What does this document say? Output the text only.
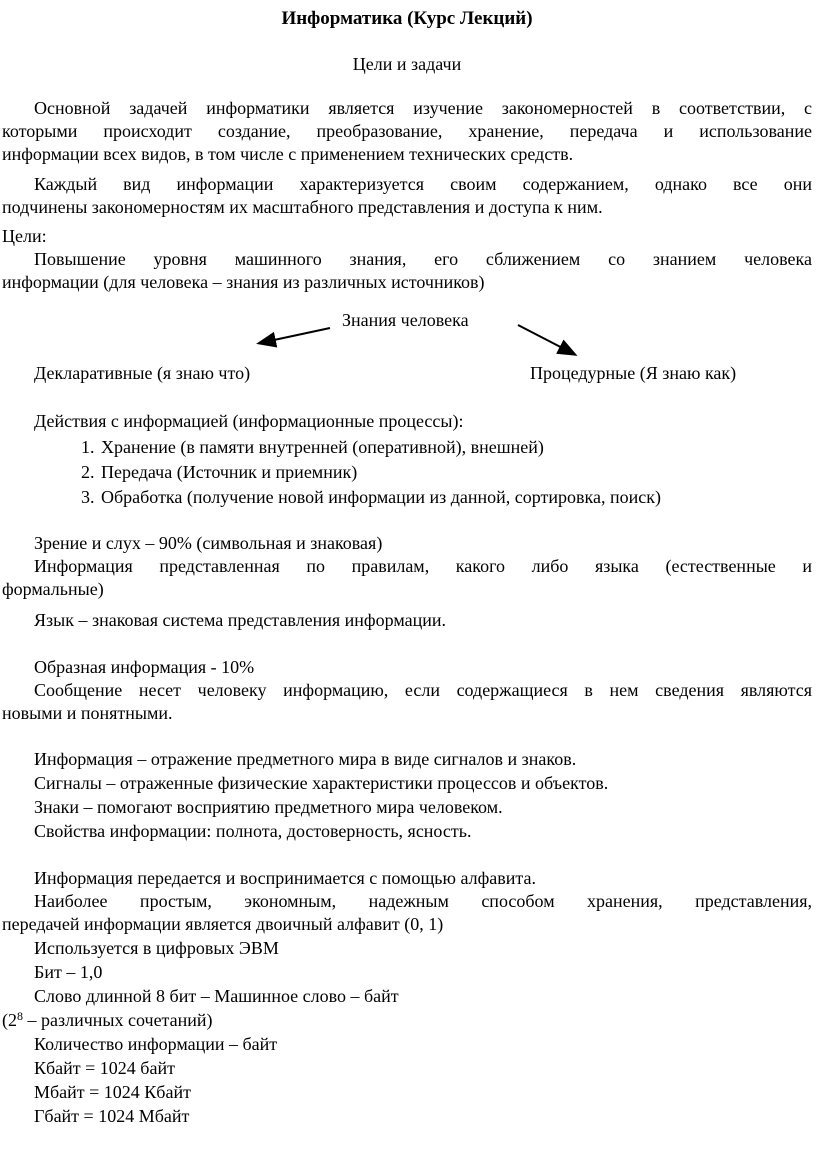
Информатика (Курс Лекций)
Цели и задачи
Основной задачей информатики является изучение закономерностей в соответствии, с
которыми происходит создание, преобразование, хранение, передача и использование
информации всех видов, в том числе с применением технических средств.
Каждый вид информации характеризуется своим содержанием, однако все они
подчинены закономерностям их масштабного представления и доступа к ним.
Цели:
Повышение уровня машинного знания, его сближением со знанием человека
информации (для человека – знания из различных источников)
Знания человека
Декларативные (я знаю что)	Процедурные (Я знаю как)
Действия с информацией (информационные процессы):
1. Хранение (в памяти внутренней (оперативной), внешней)
2. Передача (Источник и приемник)
3. Обработка (получение новой информации из данной, сортировка, поиск)
Зрение и слух – 90% (символьная и знаковая)
Информация представленная по правилам, какого либо языка (естественные и
формальные)
Язык – знаковая система представления информации.
Образная информация - 10%
Сообщение несет человеку информацию, если содержащиеся в нем сведения являются
новыми и понятными.
Информация – отражение предметного мира в виде сигналов и знаков.
Сигналы – отраженные физические характеристики процессов и объектов.
Знаки – помогают восприятию предметного мира человеком.
Свойства информации: полнота, достоверность, ясность.
Информация передается и воспринимается с помощью алфавита.
Наиболее простым, экономным, надежным способом хранения, представления,
передачей информации является двоичный алфавит (0, 1)
Используется в цифровых ЭВМ
Бит – 1,0
Слово длинной 8 бит – Машинное слово – байт
($2^8$ – различных сочетаний)
Количество информации – байт
Кбайт = 1024 байт
Мбайт = 1024 Кбайт
Гбайт = 1024 Мбайт
